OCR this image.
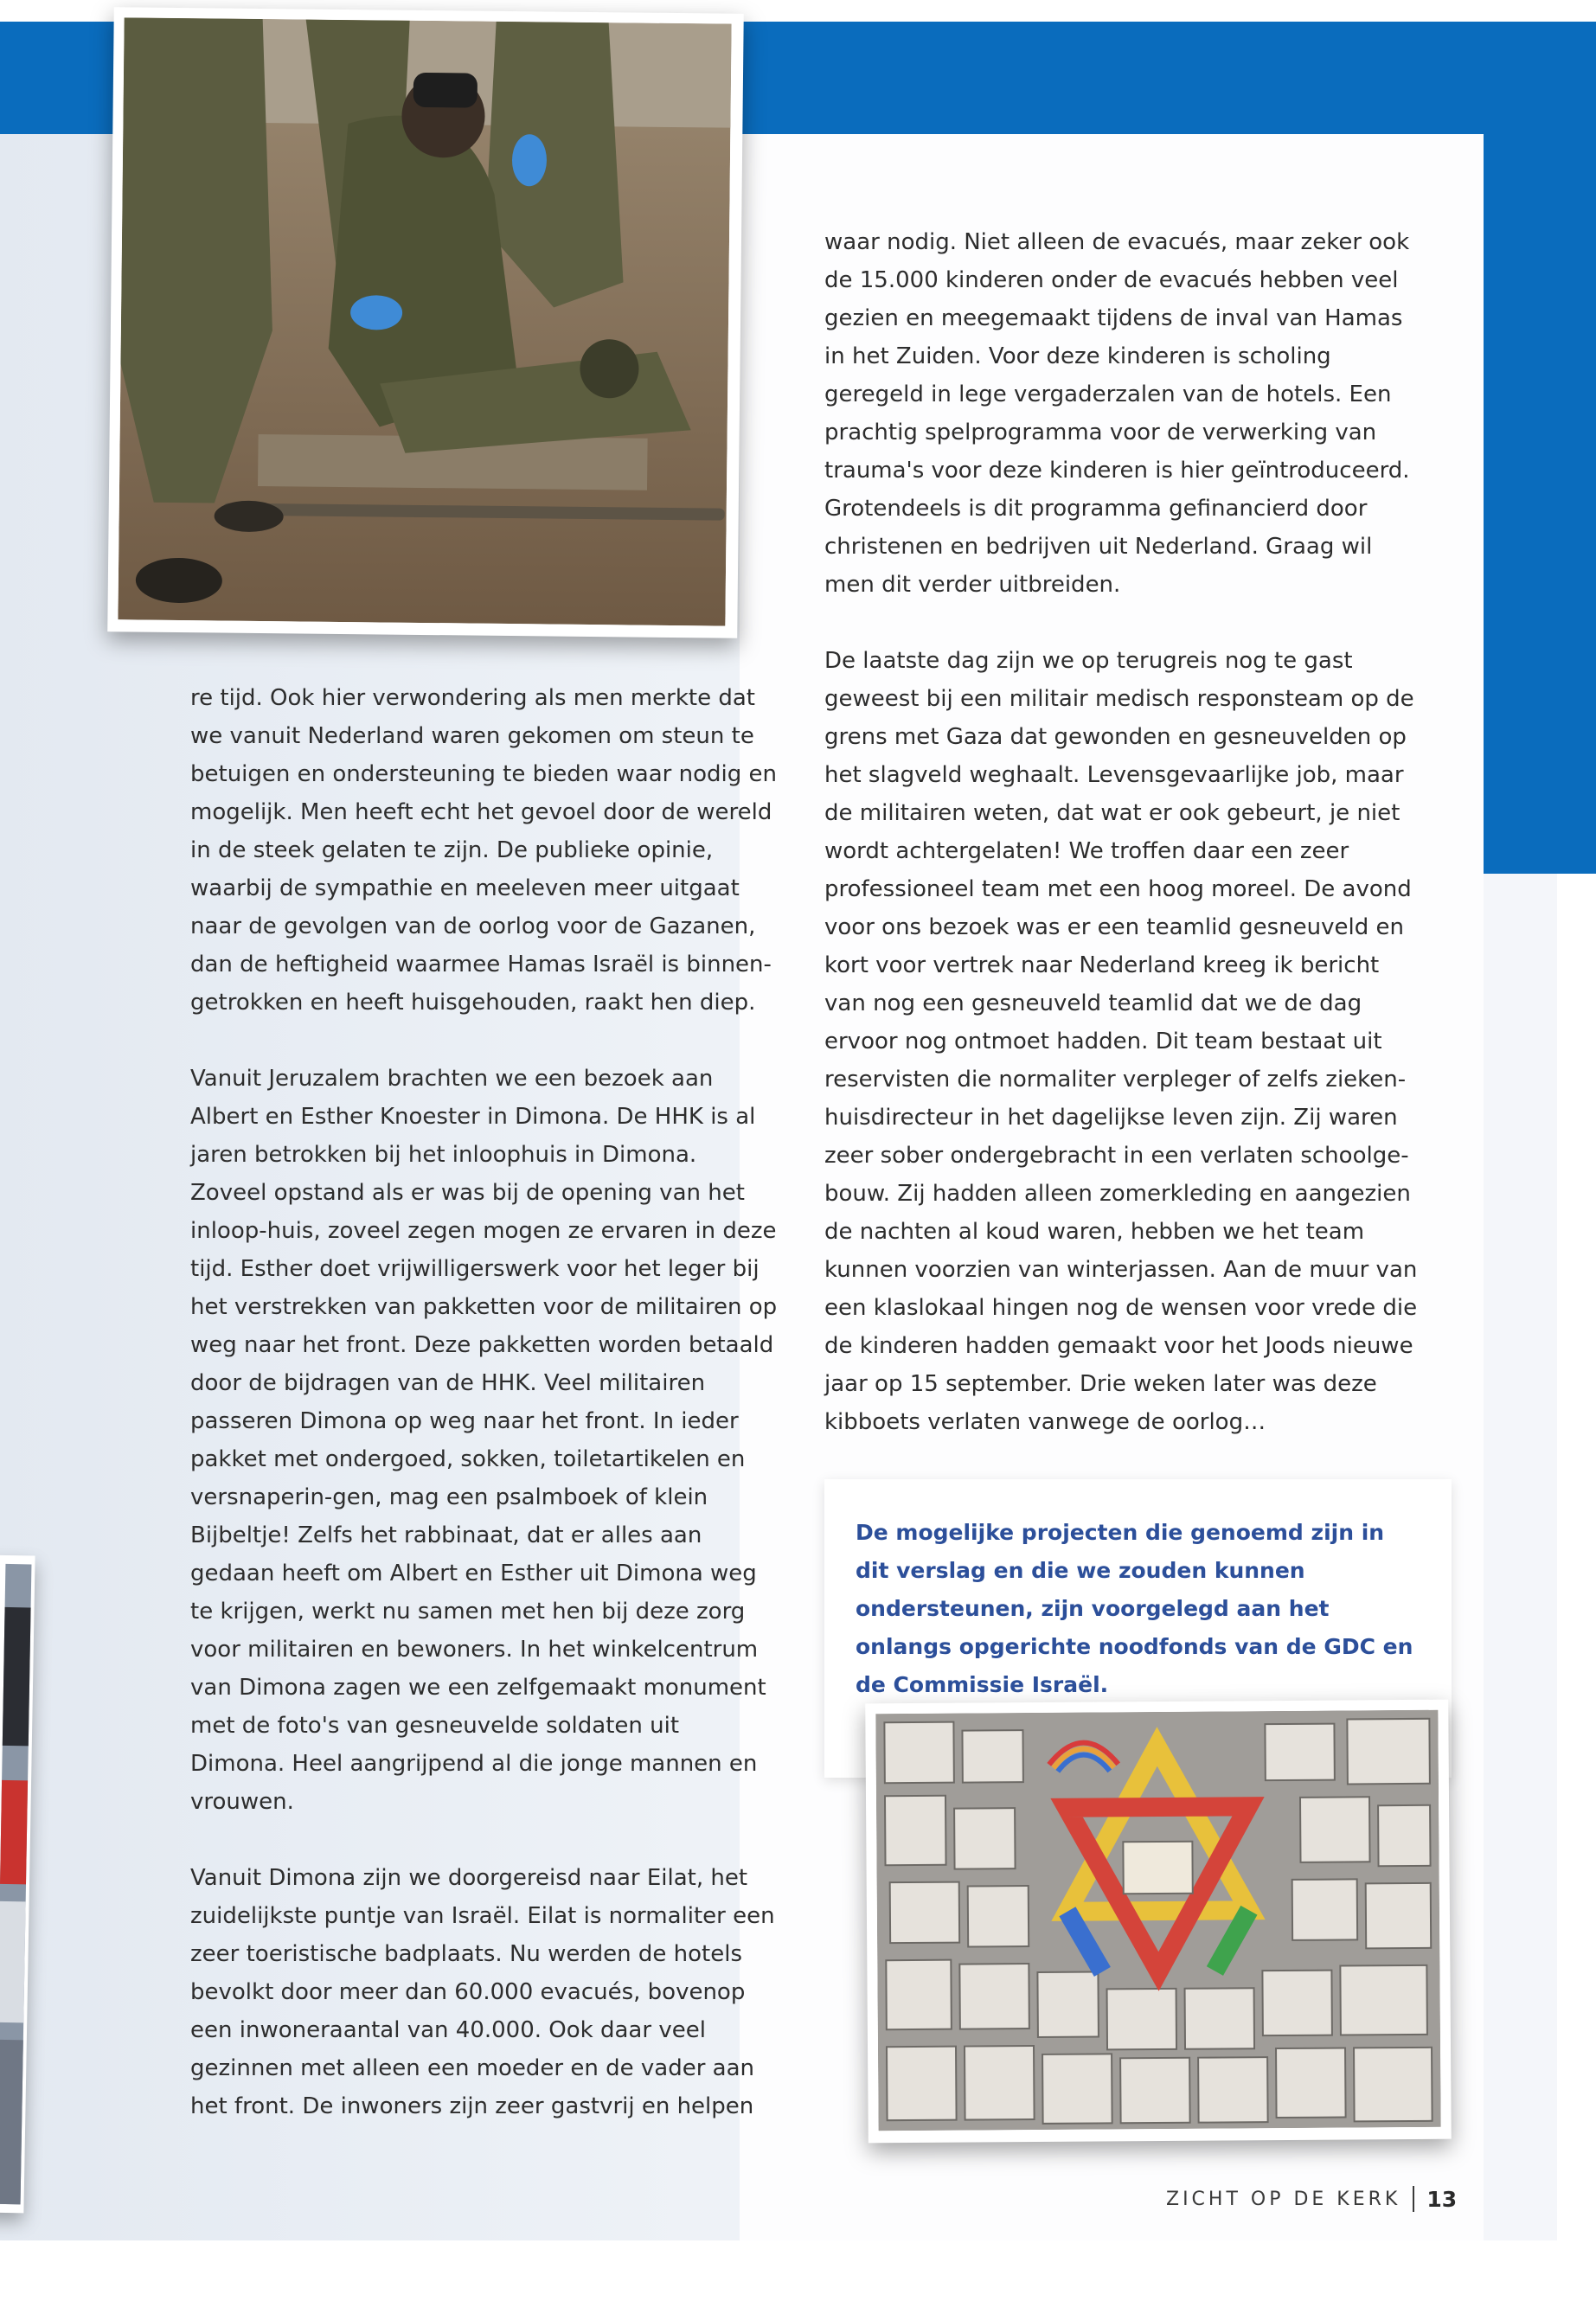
re tijd. Ook hier verwondering als men merkte dat we vanuit Nederland waren gekomen om steun te betuigen en ondersteuning te bieden waar nodig en mogelijk. Men heeft echt het gevoel door de wereld in de steek gelaten te zijn. De publieke opinie, waarbij de sympathie en meeleven meer uitgaat naar de gevolgen van de oorlog voor de Gazanen, dan de heftigheid waarmee Hamas Israël is binnen-getrokken en heeft huisgehouden, raakt hen diep.

Vanuit Jeruzalem brachten we een bezoek aan Albert en Esther Knoester in Dimona. De HHK is al jaren betrokken bij het inloophuis in Dimona. Zoveel opstand als er was bij de opening van het inloop-huis, zoveel zegen mogen ze ervaren in deze tijd. Esther doet vrijwilligerswerk voor het leger bij het verstrekken van pakketten voor de militairen op weg naar het front. Deze pakketten worden betaald door de bijdragen van de HHK. Veel militairen passeren Dimona op weg naar het front. In ieder pakket met ondergoed, sokken, toiletartikelen en versnaperin-gen, mag een psalmboek of klein Bijbeltje! Zelfs het rabbinaat, dat er alles aan gedaan heeft om Albert en Esther uit Dimona weg te krijgen, werkt nu samen met hen bij deze zorg voor militairen en bewoners. In het winkelcentrum van Dimona zagen we een zelfgemaakt monument met de foto's van gesneuvelde soldaten uit Dimona. Heel aangrijpend al die jonge mannen en vrouwen.

Vanuit Dimona zijn we doorgereisd naar Eilat, het zuidelijkste puntje van Israël. Eilat is normaliter een zeer toeristische badplaats. Nu werden de hotels bevolkt door meer dan 60.000 evacués, bovenop een inwoneraantal van 40.000. Ook daar veel gezinnen met alleen een moeder en de vader aan het front. De inwoners zijn zeer gastvrij en helpen

waar nodig. Niet alleen de evacués, maar zeker ook de 15.000 kinderen onder de evacués hebben veel gezien en meegemaakt tijdens de inval van Hamas in het Zuiden. Voor deze kinderen is scholing geregeld in lege vergaderzalen van de hotels. Een prachtig spelprogramma voor de verwerking van trauma's voor deze kinderen is hier geïntroduceerd. Grotendeels is dit programma gefinancierd door christenen en bedrijven uit Nederland. Graag wil men dit verder uitbreiden.

De laatste dag zijn we op terugreis nog te gast geweest bij een militair medisch responsteam op de grens met Gaza dat gewonden en gesneuvelden op het slagveld weghaalt. Levensgevaarlijke job, maar de militairen weten, dat wat er ook gebeurt, je niet wordt achtergelaten! We troffen daar een zeer professioneel team met een hoog moreel. De avond voor ons bezoek was er een teamlid gesneuveld en kort voor vertrek naar Nederland kreeg ik bericht van nog een gesneuveld teamlid dat we de dag ervoor nog ontmoet hadden. Dit team bestaat uit reservisten die normaliter verpleger of zelfs zieken-huisdirecteur in het dagelijkse leven zijn. Zij waren zeer sober ondergebracht in een verlaten schoolge-bouw. Zij hadden alleen zomerkleding en aangezien de nachten al koud waren, hebben we het team kunnen voorzien van winterjassen. Aan de muur van een klaslokaal hingen nog de wensen voor vrede die de kinderen hadden gemaakt voor het Joods nieuwe jaar op 15 september. Drie weken later was deze kibboets verlaten vanwege de oorlog…

De mogelijke projecten die genoemd zijn in dit verslag en die we zouden kunnen ondersteunen, zijn voorgelegd aan het onlangs opgerichte noodfonds van de GDC en de Commissie Israël.

ZICHT OP DE KERK 13
